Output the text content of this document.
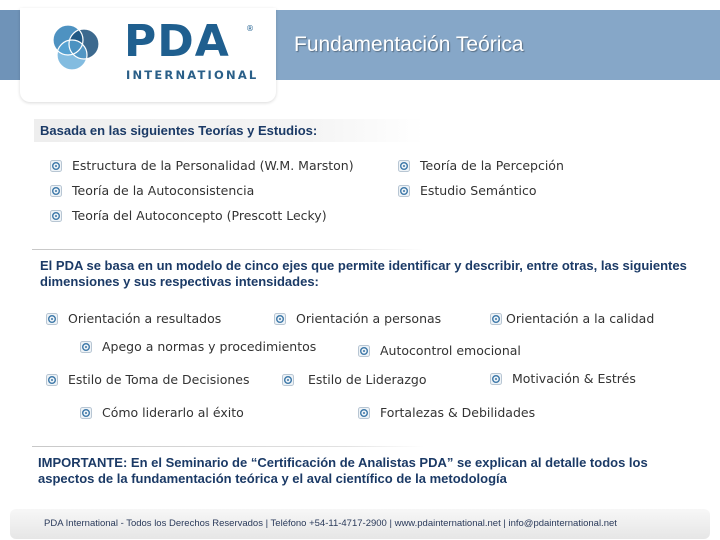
PDA ®
INTERNATIONAL
Fundamentación Teórica
Basada en las siguientes Teorías y Estudios:
Estructura de la Personalidad (W.M. Marston)	Teoría de la Percepción
Teoría de la Autoconsistencia	Estudio Semántico
Teoría del Autoconcepto (Prescott Lecky)
El PDA se basa en un modelo de cinco ejes que permite identificar y describir, entre otras, las siguientes dimensiones y sus respectivas intensidades:
Orientación a resultados	Orientación a personas	Orientación a la calidad
Apego a normas y procedimientos	Autocontrol emocional
Estilo de Toma de Decisiones	Estilo de Liderazgo	Motivación & Estrés
Cómo liderarlo al éxito	Fortalezas & Debilidades
IMPORTANTE: En el Seminario de “Certificación de Analistas PDA” se explican al detalle todos los aspectos de la fundamentación teórica y el aval científico de la metodología
PDA International - Todos los Derechos Reservados | Teléfono +54-11-4717-2900 | www.pdainternational.net | info@pdainternational.net
